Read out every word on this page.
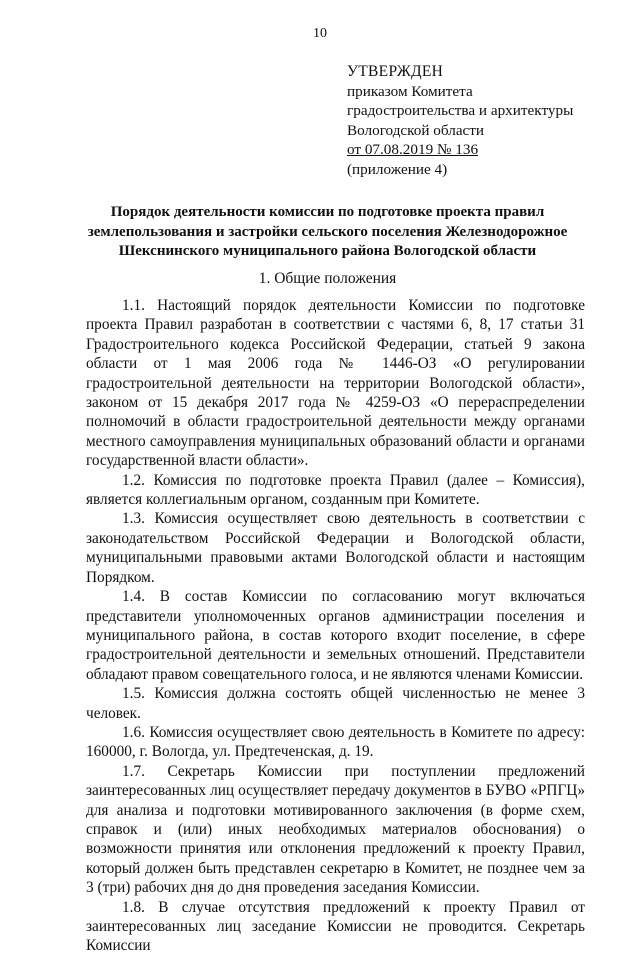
10
УТВЕРЖДЕН
приказом Комитета
градостроительства и архитектуры
Вологодской области
от 07.08.2019 № 136
(приложение 4)
Порядок деятельности комиссии по подготовке проекта правил землепользования и застройки сельского поселения Железнодорожное Шекснинского муниципального района Вологодской области
1. Общие положения

1.1. Настоящий порядок деятельности Комиссии по подготовке проекта Правил разработан в соответствии с частями 6, 8, 17 статьи 31 Градостроительного кодекса Российской Федерации, статьей 9 закона области от 1 мая 2006 года № 1446-ОЗ «О регулировании градостроительной деятельности на территории Вологодской области», законом от 15 декабря 2017 года № 4259-ОЗ «О перераспределении полномочий в области градостроительной деятельности между органами местного самоуправления муниципальных образований области и органами государственной власти области».

1.2. Комиссия по подготовке проекта Правил (далее – Комиссия), является коллегиальным органом, созданным при Комитете.

1.3. Комиссия осуществляет свою деятельность в соответствии с законодательством Российской Федерации и Вологодской области, муниципальными правовыми актами Вологодской области и настоящим Порядком.

1.4. В состав Комиссии по согласованию могут включаться представители уполномоченных органов администрации поселения и муниципального района, в состав которого входит поселение, в сфере градостроительной деятельности и земельных отношений. Представители обладают правом совещательного голоса, и не являются членами Комиссии.

1.5. Комиссия должна состоять общей численностью не менее 3 человек.

1.6. Комиссия осуществляет свою деятельность в Комитете по адресу: 160000, г. Вологда, ул. Предтеченская, д. 19.

1.7. Секретарь Комиссии при поступлении предложений заинтересованных лиц осуществляет передачу документов в БУВО «РПГЦ» для анализа и подготовки мотивированного заключения (в форме схем, справок и (или) иных необходимых материалов обоснования) о возможности принятия или отклонения предложений к проекту Правил, который должен быть представлен секретарю в Комитет, не позднее чем за 3 (три) рабочих дня до дня проведения заседания Комиссии.

1.8. В случае отсутствия предложений к проекту Правил от заинтересованных лиц заседание Комиссии не проводится. Секретарь Комиссии
